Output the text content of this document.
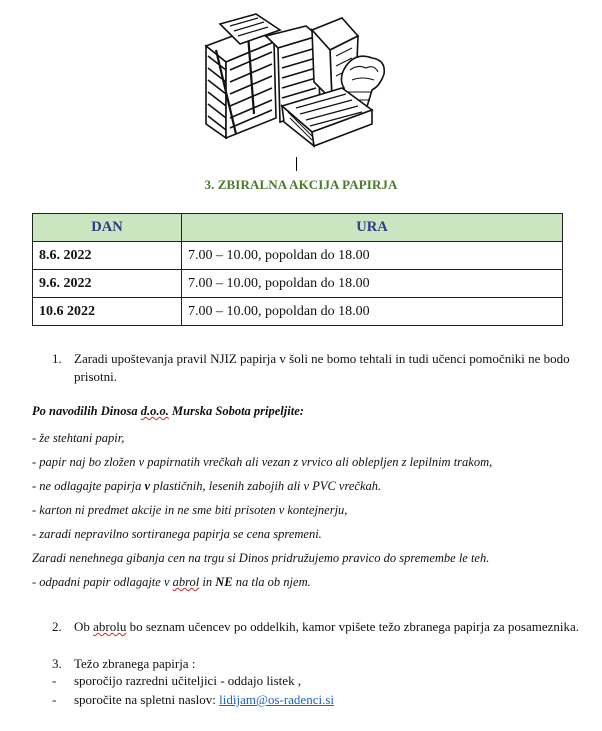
3. ZBIRALNA AKCIJA PAPIRJA
DAN	URA
8.6. 2022	7.00 – 10.00, popoldan do 18.00
9.6. 2022	7.00 – 10.00, popoldan do 18.00
10.6 2022	7.00 – 10.00, popoldan do 18.00
1. Zaradi upoštevanja pravil NJIZ papirja v šoli ne bomo tehtali in tudi učenci pomočniki ne bodo prisotni.
Po navodilih Dinosa d.o.o. Murska Sobota pripeljite:
- že stehtani papir,
- papir naj bo zložen v papirnatih vrečkah ali vezan z vrvico ali oblepljen z lepilnim trakom,
- ne odlagajte papirja v plastičnih, lesenih zabojih ali v PVC vrečkah.
- karton ni predmet akcije in ne sme biti prisoten v kontejnerju,
- zaradi nepravilno sortiranega papirja se cena spremeni.
Zaradi nenehnega gibanja cen na trgu si Dinos pridružujemo pravico do spremembe le teh.
- odpadni papir odlagajte v abrol in NE na tla ob njem.
2. Ob abrolu bo seznam učencev po oddelkih, kamor vpišete težo zbranega papirja za posameznika.
3. Težo zbranega papirja :
- sporočijo razredni učiteljici - oddajo listek ,
- sporočite na spletni naslov: lidijam@os-radenci.si
